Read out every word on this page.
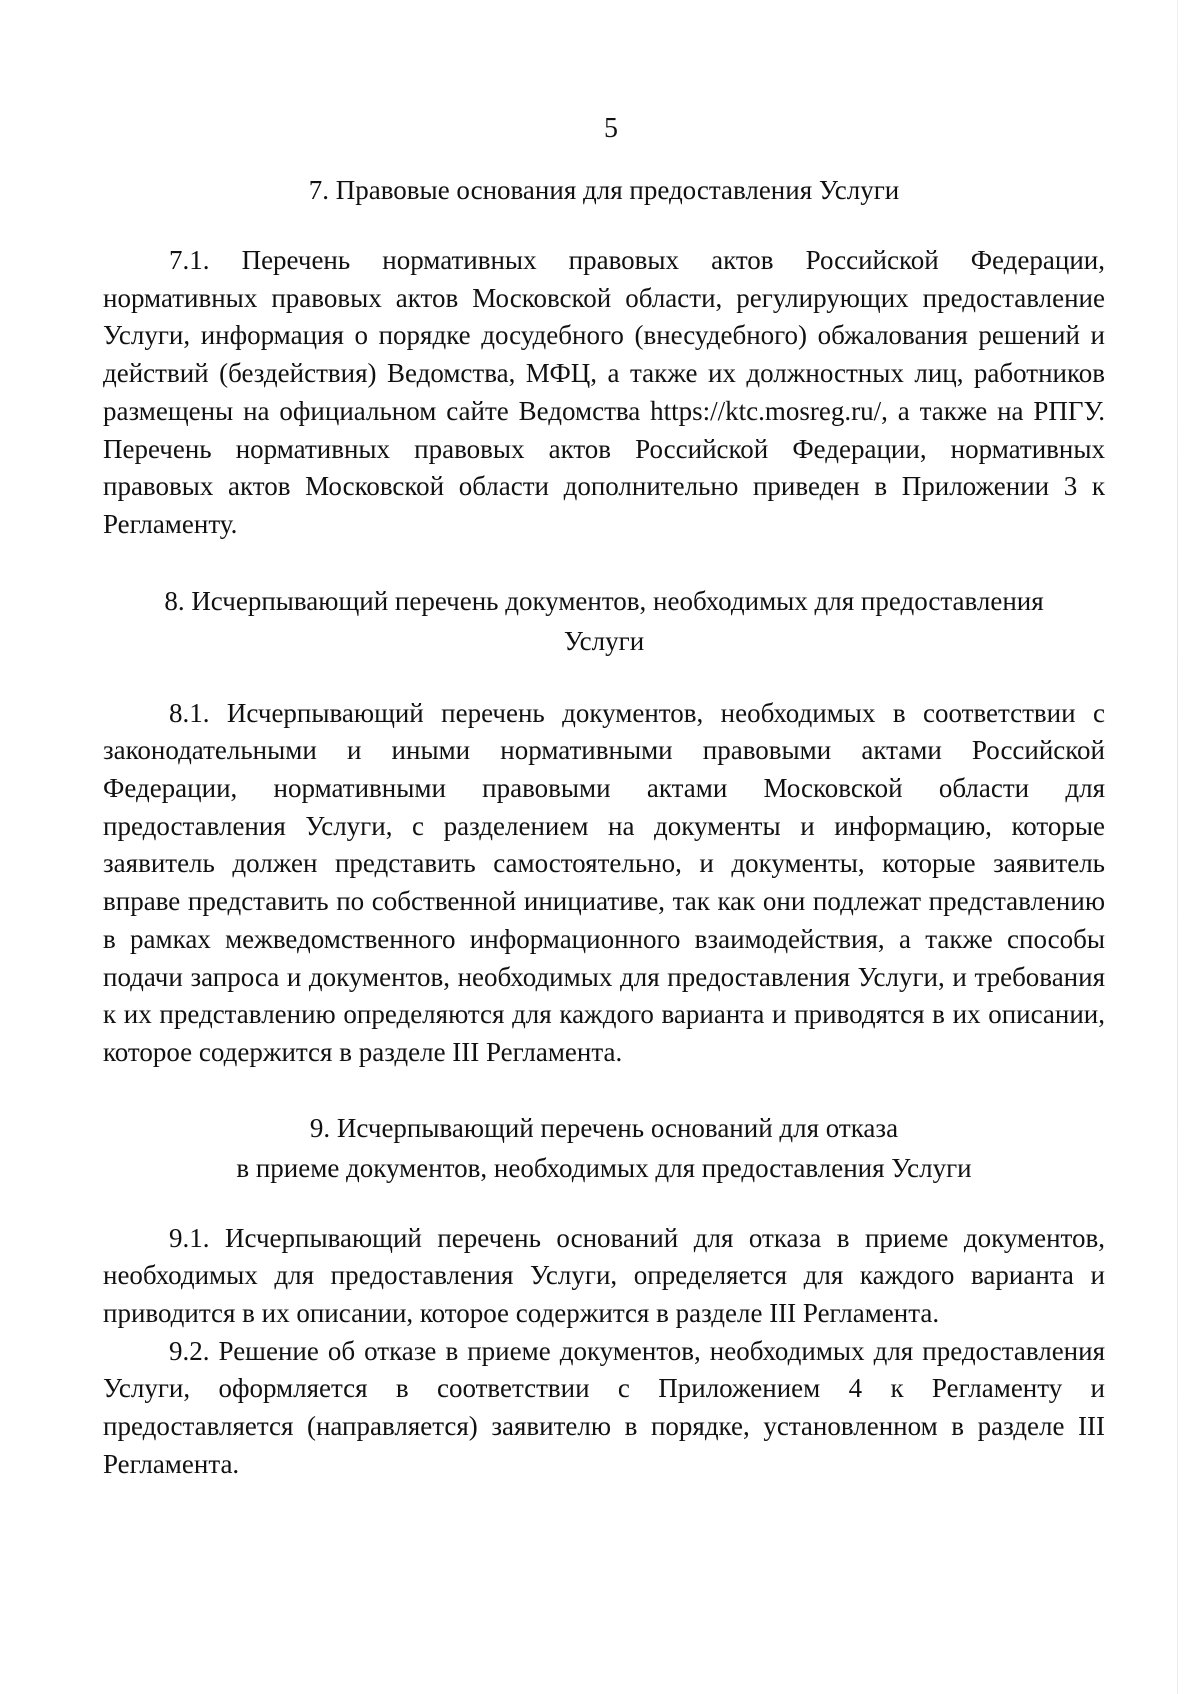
5

7. Правовые основания для предоставления Услуги

7.1. Перечень нормативных правовых актов Российской Федерации, нормативных правовых актов Московской области, регулирующих предоставление Услуги, информация о порядке досудебного (внесудебного) обжалования решений и действий (бездействия) Ведомства, МФЦ, а также их должностных лиц, работников размещены на официальном сайте Ведомства https://ktc.mosreg.ru/, а также на РПГУ. Перечень нормативных правовых актов Российской Федерации, нормативных правовых актов Московской области дополнительно приведен в Приложении 3 к Регламенту.

8. Исчерпывающий перечень документов, необходимых для предоставления

Услуги

8.1. Исчерпывающий перечень документов, необходимых в соответствии с законодательными и иными нормативными правовыми актами Российской Федерации, нормативными правовыми актами Московской области для предоставления Услуги, с разделением на документы и информацию, которые заявитель должен представить самостоятельно, и документы, которые заявитель вправе представить по собственной инициативе, так как они подлежат представлению в рамках межведомственного информационного взаимодействия, а также способы подачи запроса и документов, необходимых для предоставления Услуги, и требования к их представлению определяются для каждого варианта и приводятся в их описании, которое содержится в разделе III Регламента.

9. Исчерпывающий перечень оснований для отказа

в приеме документов, необходимых для предоставления Услуги

9.1. Исчерпывающий перечень оснований для отказа в приеме документов, необходимых для предоставления Услуги, определяется для каждого варианта и приводится в их описании, которое содержится в разделе III Регламента.

9.2. Решение об отказе в приеме документов, необходимых для предоставления Услуги, оформляется в соответствии с Приложением 4 к Регламенту и предоставляется (направляется) заявителю в порядке, установленном в разделе III Регламента.
